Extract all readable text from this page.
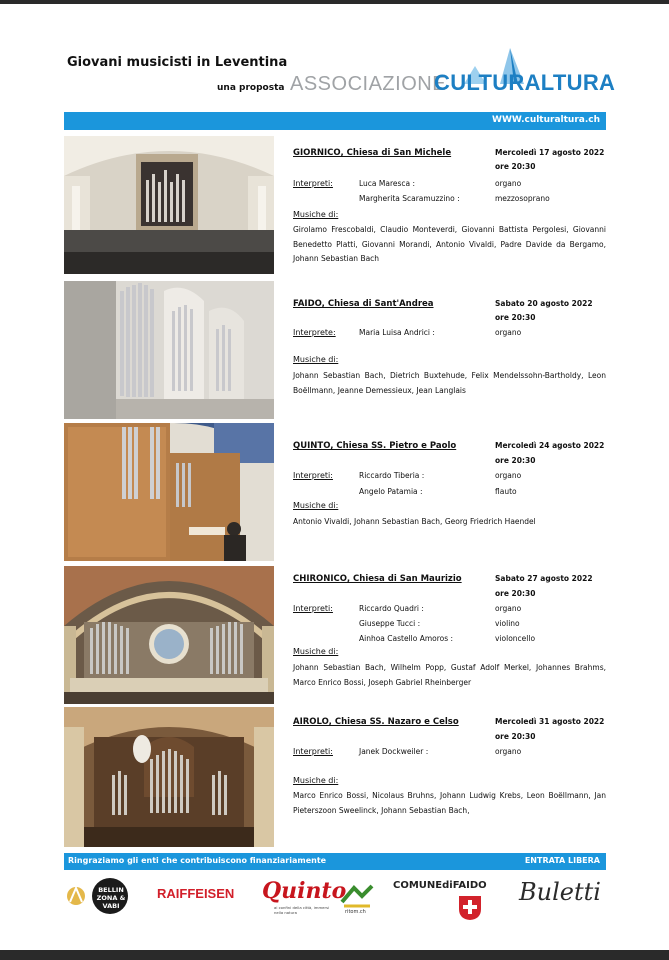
Giovani musicisti in Leventina
una proposta ASSOCIAZIONE
CULTURALTURA
WWW.culturaltura.ch
GIORNICO, Chiesa di San Michele	Mercoledì 17 agosto 2022
ore 20:30
Interpreti:	Luca Maresca :	organo
Margherita Scaramuzzino :	mezzosoprano
Musiche di:
Girolamo Frescobaldi, Claudio Monteverdi, Giovanni Battista Pergolesi, Giovanni Benedetto Platti, Giovanni Morandi, Antonio Vivaldi, Padre Davide da Bergamo, Johann Sebastian Bach
FAIDO, Chiesa di Sant'Andrea	Sabato 20 agosto 2022
ore 20:30
Interprete:	Maria Luisa Andrici :	organo
Musiche di:
Johann Sebastian Bach, Dietrich Buxtehude, Felix Mendelssohn-Bartholdy, Leon Boëllmann, Jeanne Demessieux, Jean Langlais
QUINTO, Chiesa SS. Pietro e Paolo	Mercoledì 24 agosto 2022
ore 20:30
Interpreti:	Riccardo Tiberia :	organo
Angelo Patamia :	flauto
Musiche di:
Antonio Vivaldi, Johann Sebastian Bach, Georg Friedrich Haendel
CHIRONICO, Chiesa di San Maurizio	Sabato 27 agosto 2022
ore 20:30
Interpreti:	Riccardo Quadri :	organo
Giuseppe Tucci :	violino
Ainhoa Castello Amoros :	violoncello
Musiche di:
Johann Sebastian Bach, Wilhelm Popp, Gustaf Adolf Merkel, Johannes Brahms, Marco Enrico Bossi, Joseph Gabriel Rheinberger
AIROLO, Chiesa SS. Nazaro e Celso	Mercoledì 31 agosto 2022
ore 20:30
Interpreti:	Janek Dockweiler :	organo
Musiche di:
Marco Enrico Bossi, Nicolaus Bruhns, Johann Ludwig Krebs, Leon Boëllmann, Jan Pieterszoon Sweelinck, Johann Sebastian Bach,
Ringraziamo gli enti che contribuiscono finanziariamente	ENTRATA LIBERA
BELLIN ZONA & VABI
RAIFFEISEN Quinto
ai confini della città, immersi nella natura	ritom.ch
COMUNEdiFAIDO Buletti
